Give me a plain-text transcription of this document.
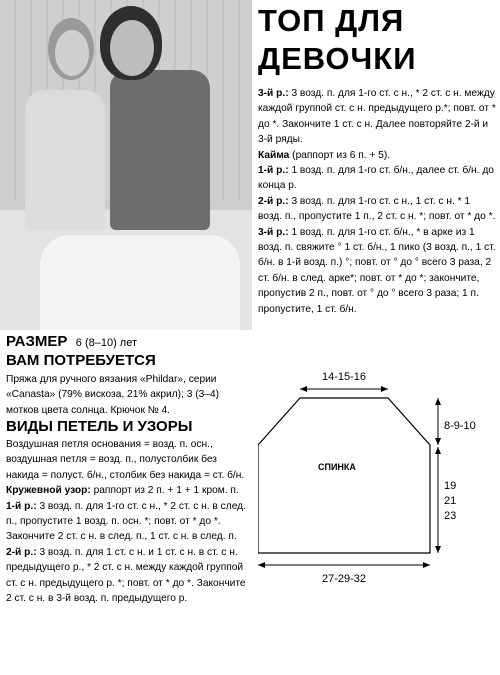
ТОП ДЛЯ
ДЕВОЧКИ

3-й р.: 3 возд. п. для 1-го ст. с н., * 2 ст. с н. между каждой группой ст. с н. предыдущего р.*; повт. от * до *. Закончите 1 ст. с н. Далее повторяйте 2-й и 3-й ряды.

Кайма (раппорт из 6 п. + 5).

1-й р.: 1 возд. п. для 1-го ст. б/н., далее ст. б/н. до конца р.

2-й р.: 3 возд. п. для 1-го ст. с н., 1 ст. с н. * 1 возд. п., пропустите 1 п., 2 ст. с н. *; повт. от * до *.

3-й р.: 1 возд. п. для 1-го ст. б/н., * в арке из 1 возд. п. свяжите ° 1 ст. б/н., 1 пико (3 возд. п., 1 ст. б/н. в 1-й возд. п.) °; повт. от ° до ° всего 3 раза, 2 ст. б/н. в след. арке*; повт. от * до *; закончите, пропустив 2 п., повт. от ° до ° всего 3 раза; 1 п. пропустите, 1 ст. б/н.

РАЗМЕР 6 (8–10) лет
ВАМ ПОТРЕБУЕТСЯ

Пряжа для ручного вязания «Phildar», серии «Canasta» (79% вискоза, 21% акрил); 3 (3–4) мотков цвета солнца. Крючок № 4.

ВИДЫ ПЕТЕЛЬ И УЗОРЫ

Воздушная петля основания = возд. п. осн., воздушная петля = возд. п., полустолбик без накида = полуст. б/н., столбик без накида = ст. б/н.

Кружевной узор: раппорт из 2 п. + 1 + 1 кром. п.

1-й р.: 3 возд. п. для 1-го ст. с н., * 2 ст. с н. в след. п., пропустите 1 возд. п. осн. *; повт. от * до *. Закончите 2 ст. с н. в след. п., 1 ст. с н. в след. п.

2-й р.: 3 возд. п. для 1 ст. с н. и 1 ст. с н. в ст. с н. предыдущего р., * 2 ст. с н. между каждой группой ст. с н. предыдущего р. *; повт. от * до *. Закончите 2 ст. с н. в 3-й возд. п. предыдущего р.

14-15-16
СПИНКА
8-9-10
19
21
23
27-29-32
